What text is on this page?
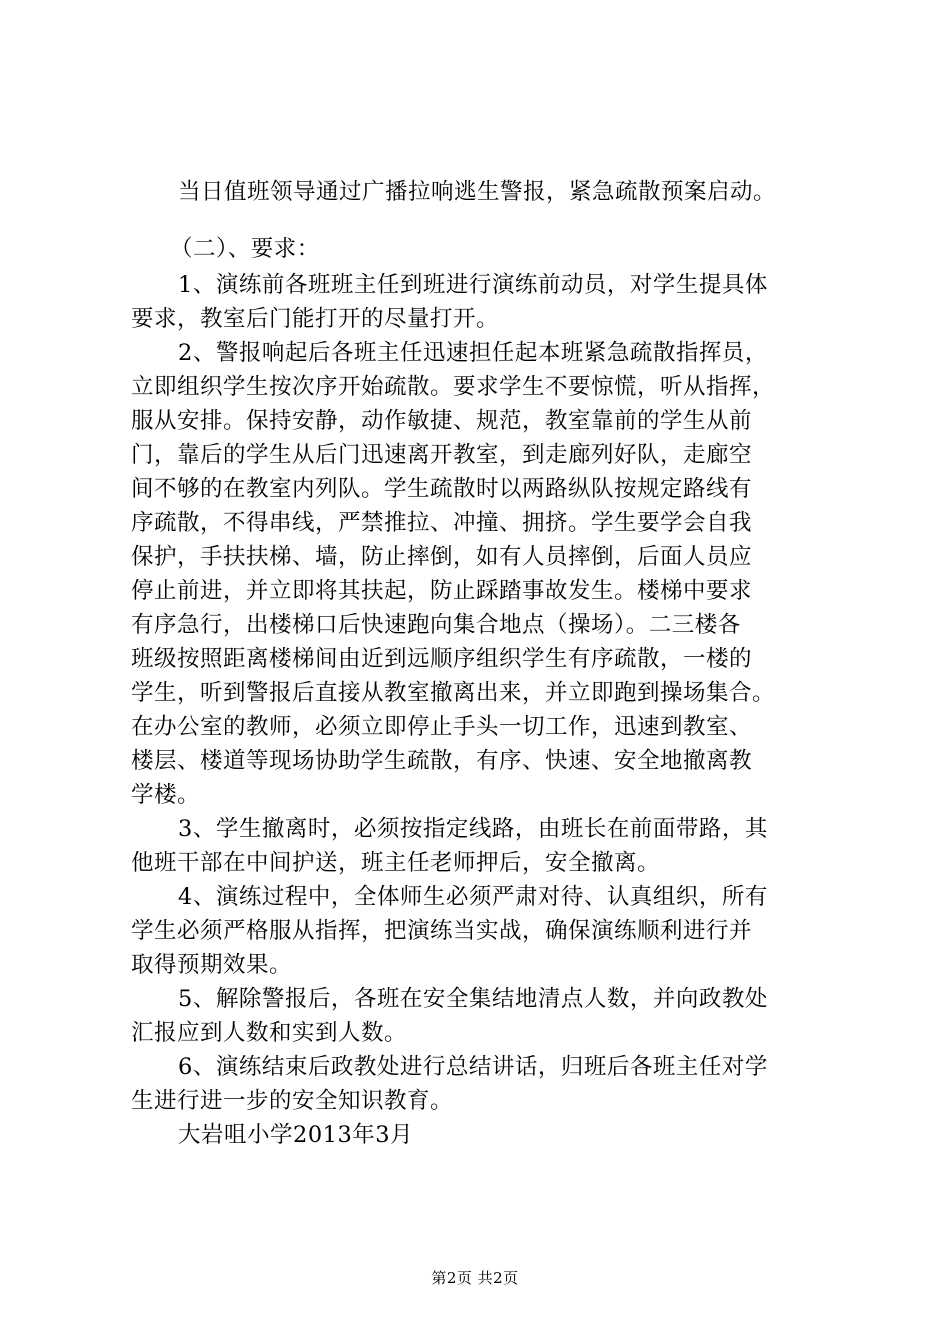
当日值班领导通过广播拉响逃生警报，紧急疏散预案启动。
（二）、要求：
1、演练前各班班主任到班进行演练前动员，对学生提具体
要求，教室后门能打开的尽量打开。
2、警报响起后各班主任迅速担任起本班紧急疏散指挥员，
立即组织学生按次序开始疏散。要求学生不要惊慌，听从指挥，
服从安排。保持安静，动作敏捷、规范，教室靠前的学生从前
门，靠后的学生从后门迅速离开教室，到走廊列好队，走廊空
间不够的在教室内列队。学生疏散时以两路纵队按规定路线有
序疏散，不得串线，严禁推拉、冲撞、拥挤。学生要学会自我
保护，手扶扶梯、墙，防止摔倒，如有人员摔倒，后面人员应
停止前进，并立即将其扶起，防止踩踏事故发生。楼梯中要求
有序急行，出楼梯口后快速跑向集合地点（操场）。二三楼各
班级按照距离楼梯间由近到远顺序组织学生有序疏散，一楼的
学生，听到警报后直接从教室撤离出来，并立即跑到操场集合。
在办公室的教师，必须立即停止手头一切工作，迅速到教室、
楼层、楼道等现场协助学生疏散，有序、快速、安全地撤离教
学楼。
3、学生撤离时，必须按指定线路，由班长在前面带路，其
他班干部在中间护送，班主任老师押后，安全撤离。
4、演练过程中，全体师生必须严肃对待、认真组织，所有
学生必须严格服从指挥，把演练当实战，确保演练顺利进行并
取得预期效果。
5、解除警报后，各班在安全集结地清点人数，并向政教处
汇报应到人数和实到人数。
6、演练结束后政教处进行总结讲话，归班后各班主任对学
生进行进一步的安全知识教育。
大岩咀小学2013年3月
第2页 共2页
